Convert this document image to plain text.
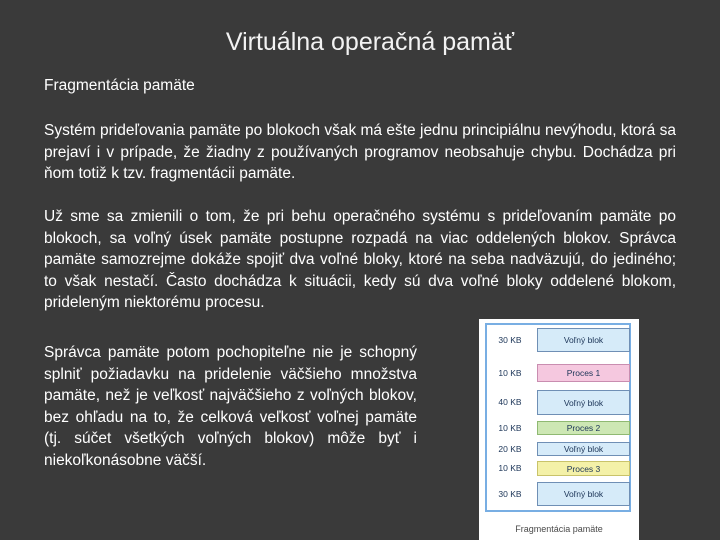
Virtuálna operačná pamäť
Fragmentácia pamäte
Systém prideľovania pamäte po blokoch však má ešte jednu principiálnu nevýhodu, ktorá sa prejaví i v prípade, že žiadny z používaných programov neobsahuje chybu. Dochádza pri ňom totiž k tzv. fragmentácii pamäte.
Už sme sa zmienili o tom, že pri behu operačného systému s prideľovaním pamäte po blokoch, sa voľný úsek pamäte postupne rozpadá na viac oddelených blokov. Správca pamäte samozrejme dokáže spojiť dva voľné bloky, ktoré na seba nadväzujú, do jediného; to však nestačí. Často dochádza k situácii, kedy sú dva voľné bloky oddelené blokom, prideleným niektorému procesu.
Správca pamäte potom pochopiteľne nie je schopný splniť požiadavku na pridelenie väčšieho množstva pamäte, než je veľkosť najväčšieho z voľných blokov, bez ohľadu na to, že celková veľkosť voľnej pamäte (tj. súčet všetkých voľných blokov) môže byť i niekoľkonásobne väčší.
30 KB	Voľný blok
10 KB	Proces 1
40 KB	Voľný blok
10 KB	Proces 2
20 KB	Voľný blok
10 KB	Proces 3
30 KB	Voľný blok
Fragmentácia pamäte
